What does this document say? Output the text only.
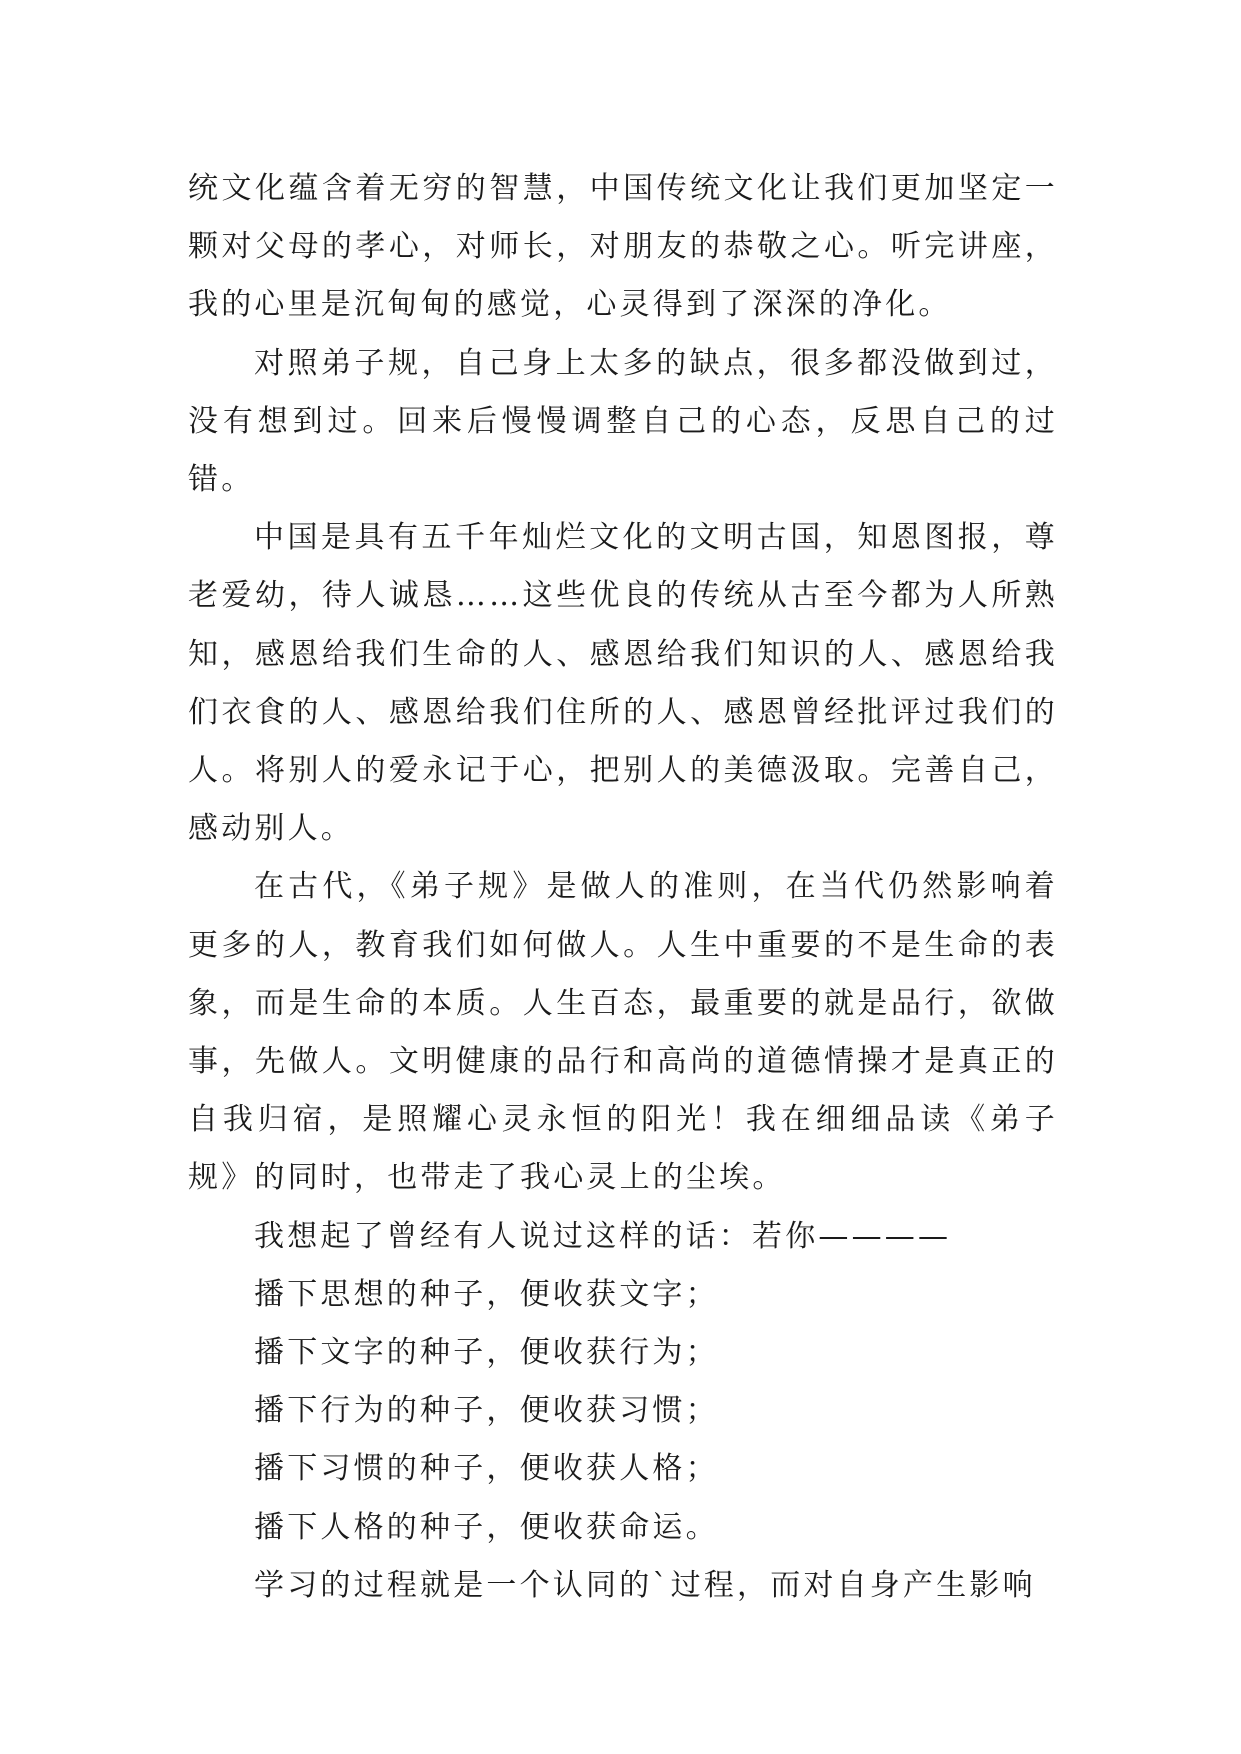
统文化蕴含着无穷的智慧，中国传统文化让我们更加坚定一颗对父母的孝心，对师长，对朋友的恭敬之心。听完讲座，我的心里是沉甸甸的感觉，心灵得到了深深的净化。

对照弟子规，自己身上太多的缺点，很多都没做到过，没有想到过。回来后慢慢调整自己的心态，反思自己的过错。

中国是具有五千年灿烂文化的文明古国，知恩图报，尊老爱幼，待人诚恳……这些优良的传统从古至今都为人所熟知，感恩给我们生命的人、感恩给我们知识的人、感恩给我们衣食的人、感恩给我们住所的人、感恩曾经批评过我们的人。将别人的爱永记于心，把别人的美德汲取。完善自己，感动别人。

在古代，《弟子规》是做人的准则，在当代仍然影响着更多的人，教育我们如何做人。人生中重要的不是生命的表象，而是生命的本质。人生百态，最重要的就是品行，欲做事，先做人。文明健康的品行和高尚的道德情操才是真正的自我归宿，是照耀心灵永恒的阳光！我在细细品读《弟子规》的同时，也带走了我心灵上的尘埃。

我想起了曾经有人说过这样的话：若你————

播下思想的种子，便收获文字；

播下文字的种子，便收获行为；

播下行为的种子，便收获习惯；

播下习惯的种子，便收获人格；

播下人格的种子，便收获命运。

学习的过程就是一个认同的`过程，而对自身产生影响
